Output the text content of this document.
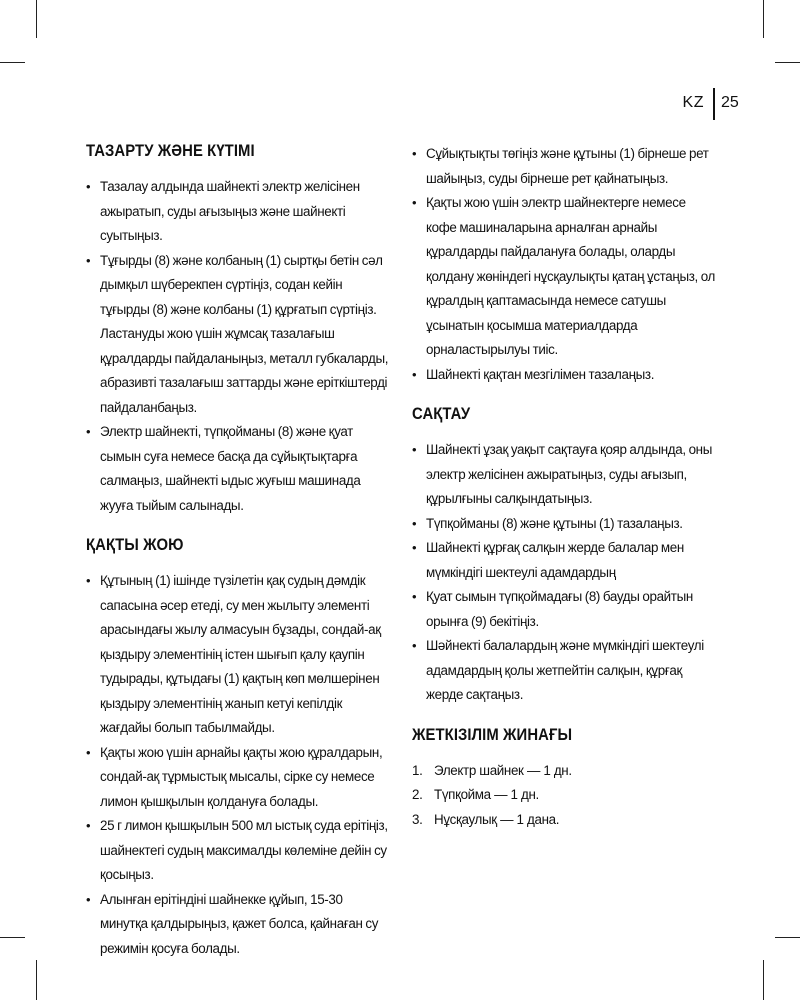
KZ 25
ТАЗАРТУ ЖӘНЕ КҮТІМІ
• Тазалау алдында шайнекті электр желісінен ажыратып, суды ағызыңыз және шайнекті суытыңыз.
• Тұғырды (8) және колбаның (1) сыртқы бетін сәл дымқыл шүберекпен сүртіңіз, содан кейін тұғырды (8) және колбаны (1) құрғатып сүртіңіз. Ластануды жою үшін жұмсақ тазалағыш құралдарды пайдаланыңыз, металл губкаларды, абразивті тазалағыш заттарды және еріткіштерді пайдаланбаңыз.
• Электр шайнекті, түпқойманы (8) және қуат сымын суға немесе басқа да сұйықтықтарға салмаңыз, шайнекті ыдыс жуғыш машинада жууға тыйым салынады.
ҚАҚТЫ ЖОЮ
• Құтының (1) ішінде түзілетін қақ судың дәмдік сапасына әсер етеді, су мен жылыту элементі арасындағы жылу алмасуын бұзады, сондай-ақ қыздыру элементінің істен шығып қалу қаупін тудырады, құтыдағы (1) қақтың көп мөлшерінен қыздыру элементінің жанып кетуі кепілдік жағдайы болып табылмайды.
• Қақты жою үшін арнайы қақты жою құралдарын, сондай-ақ тұрмыстық мысалы, сірке су немесе лимон қышқылын қолдануға болады.
• 25 г лимон қышқылын 500 мл ыстық суда ерітіңіз, шайнектегі судың максималды көлеміне дейін су қосыңыз.
• Алынған ерітіндіні шайнекке құйып, 15-30 минутқа қалдырыңыз, қажет болса, қайнаған су режимін қосуға болады.
• Сұйықтықты төгіңіз және құтыны (1) бірнеше рет шайыңыз, суды бірнеше рет қайнатыңыз.
• Қақты жою үшін электр шайнектерге немесе кофе машиналарына арналған арнайы құралдарды пайдалануға болады, оларды қолдану жөніндегі нұсқаулықты қатаң ұстаңыз, ол құралдың қаптамасында немесе сатушы ұсынатын қосымша материалдарда орналастырылуы тиіс.
• Шайнекті қақтан мезгілімен тазалаңыз.
САҚТАУ
• Шайнекті ұзақ уақыт сақтауға қояр алдында, оны электр желісінен ажыратыңыз, суды ағызып, құрылғыны салқындатыңыз.
• Түпқойманы (8) және құтыны (1) тазалаңыз.
• Шайнекті құрғақ салқын жерде балалар мен мүмкіндігі шектеулі адамдардың
• Қуат сымын түпқоймадағы (8) бауды орайтын орынға (9) бекітіңіз.
• Шәйнекті балалардың және мүмкіндігі шектеулі адамдардың қолы жетпейтін салқын, құрғақ жерде сақтаңыз.
ЖЕТКІЗІЛІМ ЖИНАҒЫ
1. Электр шайнек — 1 дн.
2. Түпқойма — 1 дн.
3. Нұсқаулық — 1 дана.
